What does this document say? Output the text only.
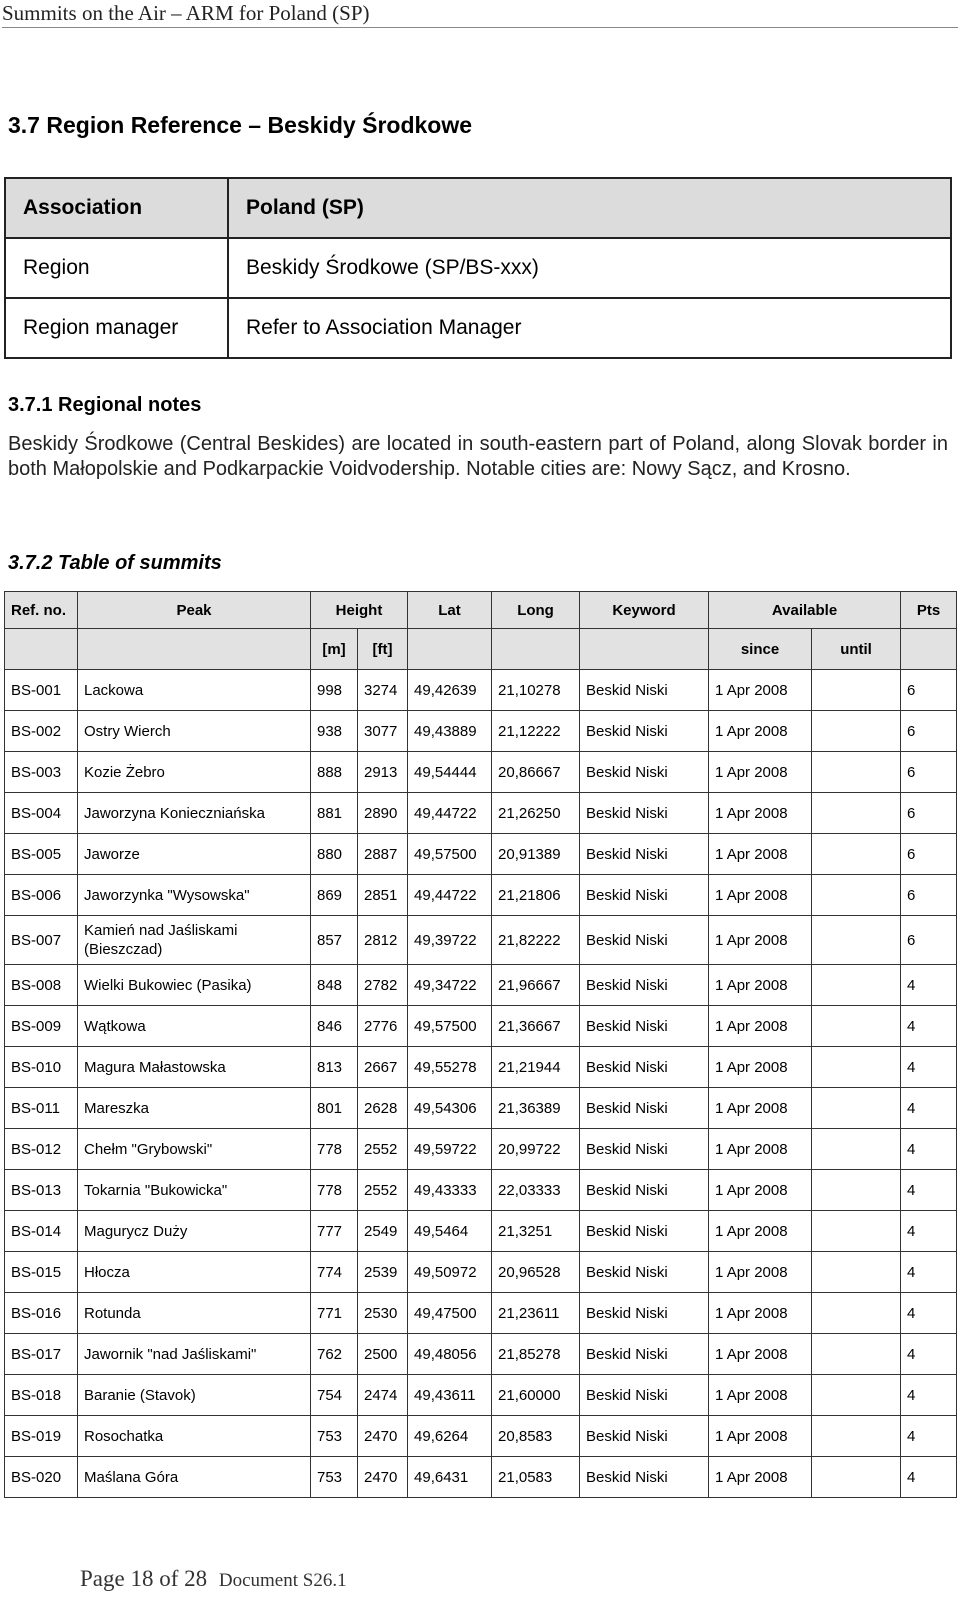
Summits on the Air – ARM for Poland (SP)
3.7 Region Reference – Beskidy Środkowe
Association	Poland (SP)
Region	Beskidy Środkowe (SP/BS-xxx)
Region manager	Refer to Association Manager
3.7.1 Regional notes

Beskidy Środkowe (Central Beskides) are located in south-eastern part of Poland, along Slovak border in both Małopolskie and Podkarpackie Voidvodership. Notable cities are: Nowy Sącz, and Krosno.

3.7.2 Table of summits
Ref. no.	Peak	Height		Lat	Long	Keyword	Available		Pts
		[m]	[ft]				since	until	
BS-001	Lackowa	998	3274	49,42639	21,10278	Beskid Niski	1 Apr 2008		6
BS-002	Ostry Wierch	938	3077	49,43889	21,12222	Beskid Niski	1 Apr 2008		6
BS-003	Kozie Żebro	888	2913	49,54444	20,86667	Beskid Niski	1 Apr 2008		6
BS-004	Jaworzyna Konieczniańska	881	2890	49,44722	21,26250	Beskid Niski	1 Apr 2008		6
BS-005	Jaworze	880	2887	49,57500	20,91389	Beskid Niski	1 Apr 2008		6
BS-006	Jaworzynka "Wysowska"	869	2851	49,44722	21,21806	Beskid Niski	1 Apr 2008		6
BS-007	Kamień nad Jaśliskami (Bieszczad)	857	2812	49,39722	21,82222	Beskid Niski	1 Apr 2008		6
BS-008	Wielki Bukowiec (Pasika)	848	2782	49,34722	21,96667	Beskid Niski	1 Apr 2008		4
BS-009	Wątkowa	846	2776	49,57500	21,36667	Beskid Niski	1 Apr 2008		4
BS-010	Magura Małastowska	813	2667	49,55278	21,21944	Beskid Niski	1 Apr 2008		4
BS-011	Mareszka	801	2628	49,54306	21,36389	Beskid Niski	1 Apr 2008		4
BS-012	Chełm "Grybowski"	778	2552	49,59722	20,99722	Beskid Niski	1 Apr 2008		4
BS-013	Tokarnia "Bukowicka"	778	2552	49,43333	22,03333	Beskid Niski	1 Apr 2008		4
BS-014	Magurycz Duży	777	2549	49,5464	21,3251	Beskid Niski	1 Apr 2008		4
BS-015	Hłocza	774	2539	49,50972	20,96528	Beskid Niski	1 Apr 2008		4
BS-016	Rotunda	771	2530	49,47500	21,23611	Beskid Niski	1 Apr 2008		4
BS-017	Jawornik "nad Jaśliskami"	762	2500	49,48056	21,85278	Beskid Niski	1 Apr 2008		4
BS-018	Baranie (Stavok)	754	2474	49,43611	21,60000	Beskid Niski	1 Apr 2008		4
BS-019	Rosochatka	753	2470	49,6264	20,8583	Beskid Niski	1 Apr 2008		4
BS-020	Maślana Góra	753	2470	49,6431	21,0583	Beskid Niski	1 Apr 2008		4
Page 18 of 28 Document S26.1
